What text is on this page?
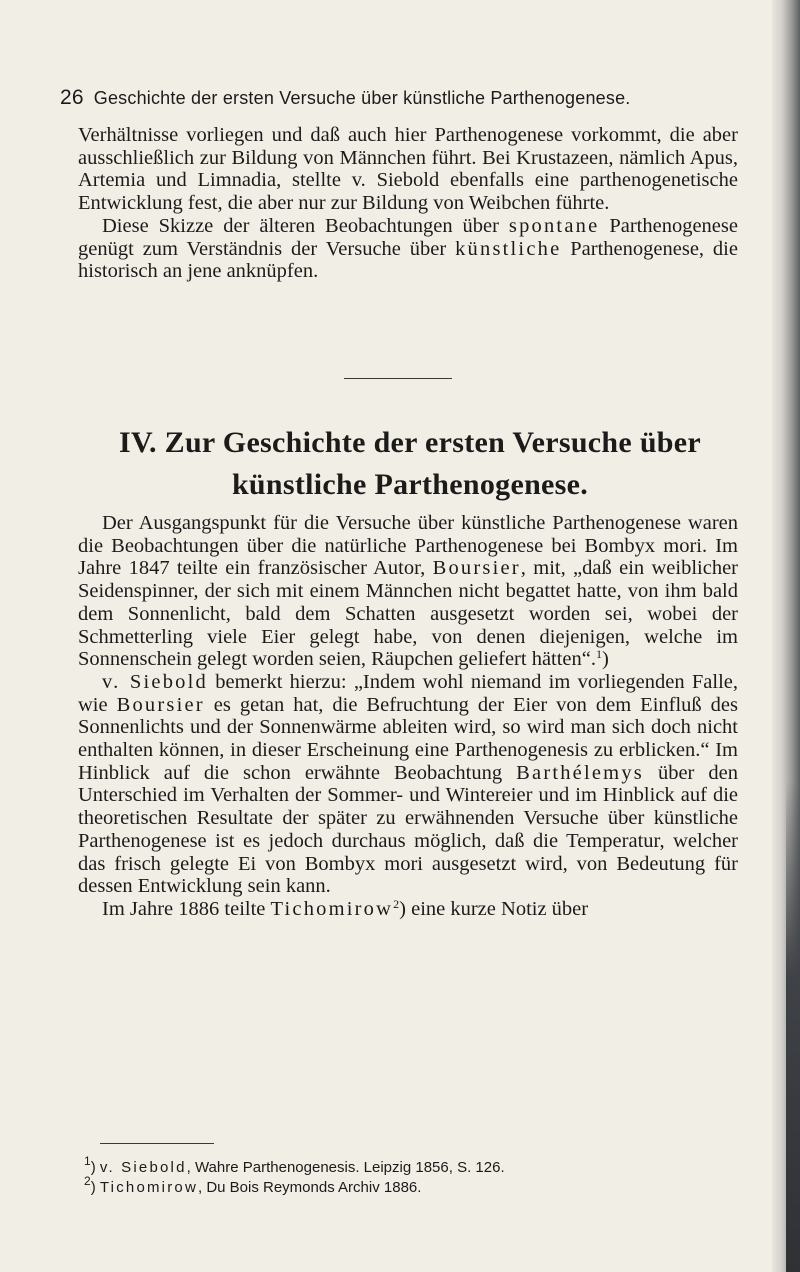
26 Geschichte der ersten Versuche über künstliche Parthenogenese.

Verhältnisse vorliegen und daß auch hier Parthenogenese vorkommt, die aber ausschließlich zur Bildung von Männchen führt. Bei Krustazeen, nämlich Apus, Artemia und Limnadia, stellte v. Siebold ebenfalls eine parthenogenetische Entwicklung fest, die aber nur zur Bildung von Weibchen führte.

Diese Skizze der älteren Beobachtungen über spontane Parthenogenese genügt zum Verständnis der Versuche über künstliche Parthenogenese, die historisch an jene anknüpfen.

IV. Zur Geschichte der ersten Versuche über
künstliche Parthenogenese.

Der Ausgangspunkt für die Versuche über künstliche Parthenogenese waren die Beobachtungen über die natürliche Parthenogenese bei Bombyx mori. Im Jahre 1847 teilte ein französischer Autor, Boursier, mit, „daß ein weiblicher Seidenspinner, der sich mit einem Männchen nicht begattet hatte, von ihm bald dem Sonnenlicht, bald dem Schatten ausgesetzt worden sei, wobei der Schmetterling viele Eier gelegt habe, von denen diejenigen, welche im Sonnenschein gelegt worden seien, Räupchen geliefert hätten“.$^1$)

v. Siebold bemerkt hierzu: „Indem wohl niemand im vorliegenden Falle, wie Boursier es getan hat, die Befruchtung der Eier von dem Einfluß des Sonnenlichts und der Sonnenwärme ableiten wird, so wird man sich doch nicht enthalten können, in dieser Erscheinung eine Parthenogenesis zu erblicken.“ Im Hinblick auf die schon erwähnte Beobachtung Barthélemys über den Unterschied im Verhalten der Sommer- und Wintereier und im Hinblick auf die theoretischen Resultate der später zu erwähnenden Versuche über künstliche Parthenogenese ist es jedoch durchaus möglich, daß die Temperatur, welcher das frisch gelegte Ei von Bombyx mori ausgesetzt wird, von Bedeutung für dessen Entwicklung sein kann.

Im Jahre 1886 teilte Tichomirow$^2$) eine kurze Notiz über

$^1$) v. Siebold, Wahre Parthenogenesis. Leipzig 1856, S. 126.

$^2$) Tichomirow, Du Bois Reymonds Archiv 1886.
